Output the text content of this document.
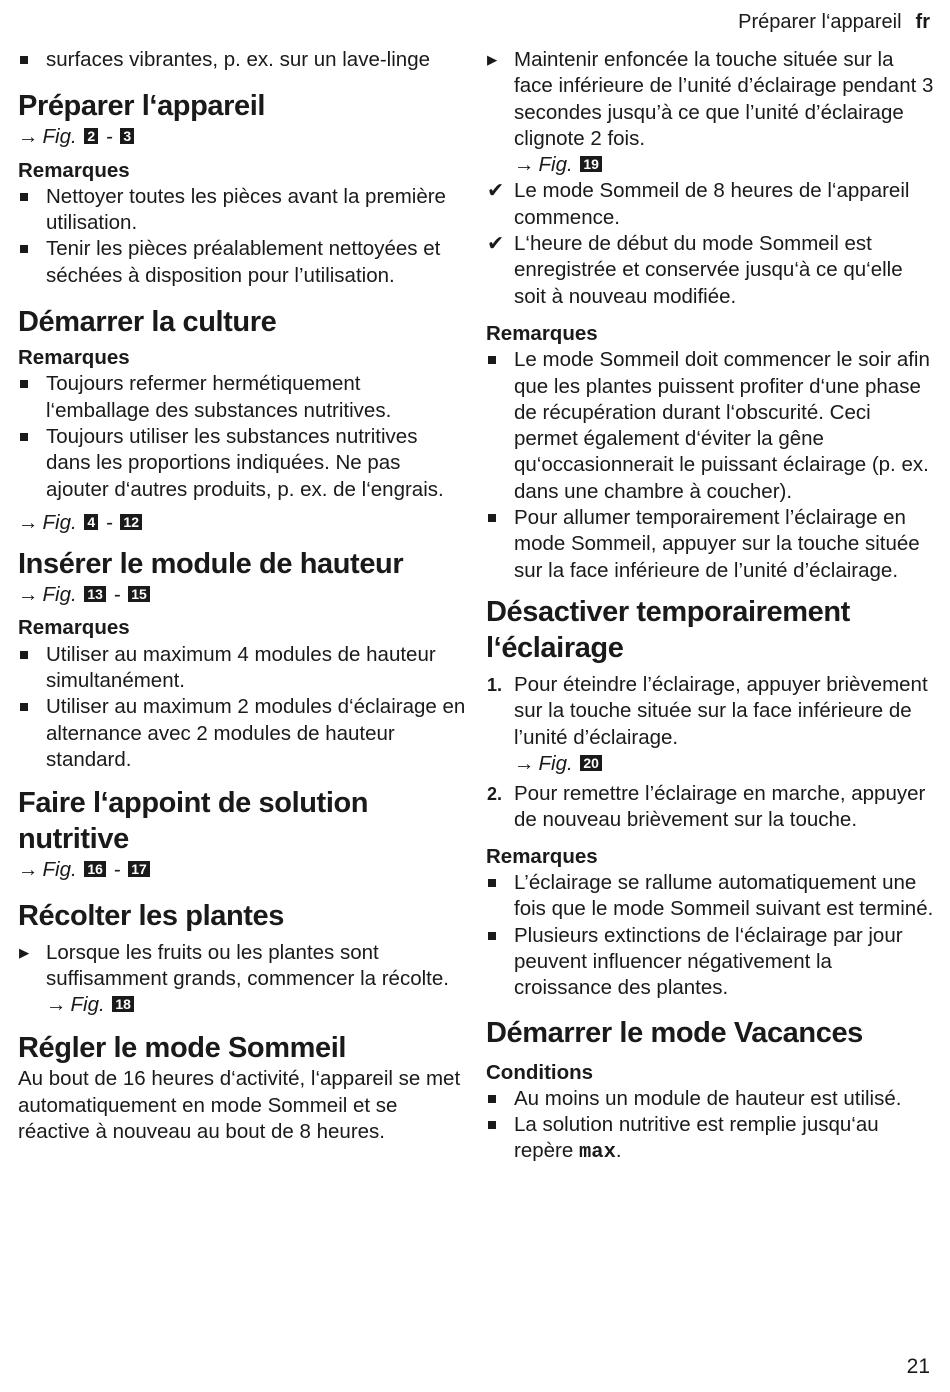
Préparer l‘appareil fr
surfaces vibrantes, p. ex. sur un lave-linge
Préparer l‘appareil

→ Fig. 2 - 3

Remarques

Nettoyer toutes les pièces avant la première utilisation.
Tenir les pièces préalablement nettoyées et séchées à disposition pour l’utilisation.
Démarrer la culture

Remarques

Toujours refermer hermétiquement l‘emballage des substances nutritives.
Toujours utiliser les substances nutritives dans les proportions indiquées. Ne pas ajouter d‘autres produits, p. ex. de l‘engrais.

→ Fig. 4 - 12

Insérer le module de hauteur

→ Fig. 13 - 15

Remarques

Utiliser au maximum 4 modules de hauteur simultanément.
Utiliser au maximum 2 modules d‘éclairage en alternance avec 2 modules de hauteur standard.
Faire l‘appoint de solution nutritive

→ Fig. 16 - 17

Récolter les plantes
▸ Lorsque les fruits ou les plantes sont suffisamment grands, commencer la récolte.

→ Fig. 18

Régler le mode Sommeil

Au bout de 16 heures d‘activité, l‘appareil se met automatiquement en mode Sommeil et se réactive à nouveau au bout de 8 heures.

▸ Maintenir enfoncée la touche située sur la face inférieure de l’unité d’éclairage pendant 3 secondes jusqu’à ce que l’unité d’éclairage clignote 2 fois.

→ Fig. 19

✔ Le mode Sommeil de 8 heures de l‘appareil commence.
✔ L‘heure de début du mode Sommeil est enregistrée et conservée jusqu‘à ce qu‘elle soit à nouveau modifiée.

Remarques

Le mode Sommeil doit commencer le soir afin que les plantes puissent profiter d‘une phase de récupération durant l‘obscurité. Ceci permet également d‘éviter la gêne qu‘occasionnerait le puissant éclairage (p. ex. dans une chambre à coucher).
Pour allumer temporairement l’éclairage en mode Sommeil, appuyer sur la touche située sur la face inférieure de l’unité d’éclairage.
Désactiver temporairement l‘éclairage
1. Pour éteindre l’éclairage, appuyer brièvement sur la touche située sur la face inférieure de l’unité d’éclairage.

→ Fig. 20

2. Pour remettre l’éclairage en marche, appuyer de nouveau brièvement sur la touche.

Remarques

L’éclairage se rallume automatiquement une fois que le mode Sommeil suivant est terminé.
Plusieurs extinctions de l‘éclairage par jour peuvent influencer négativement la croissance des plantes.
Démarrer le mode Vacances

Conditions

Au moins un module de hauteur est utilisé.
La solution nutritive est remplie jusqu‘au repère max.
21
